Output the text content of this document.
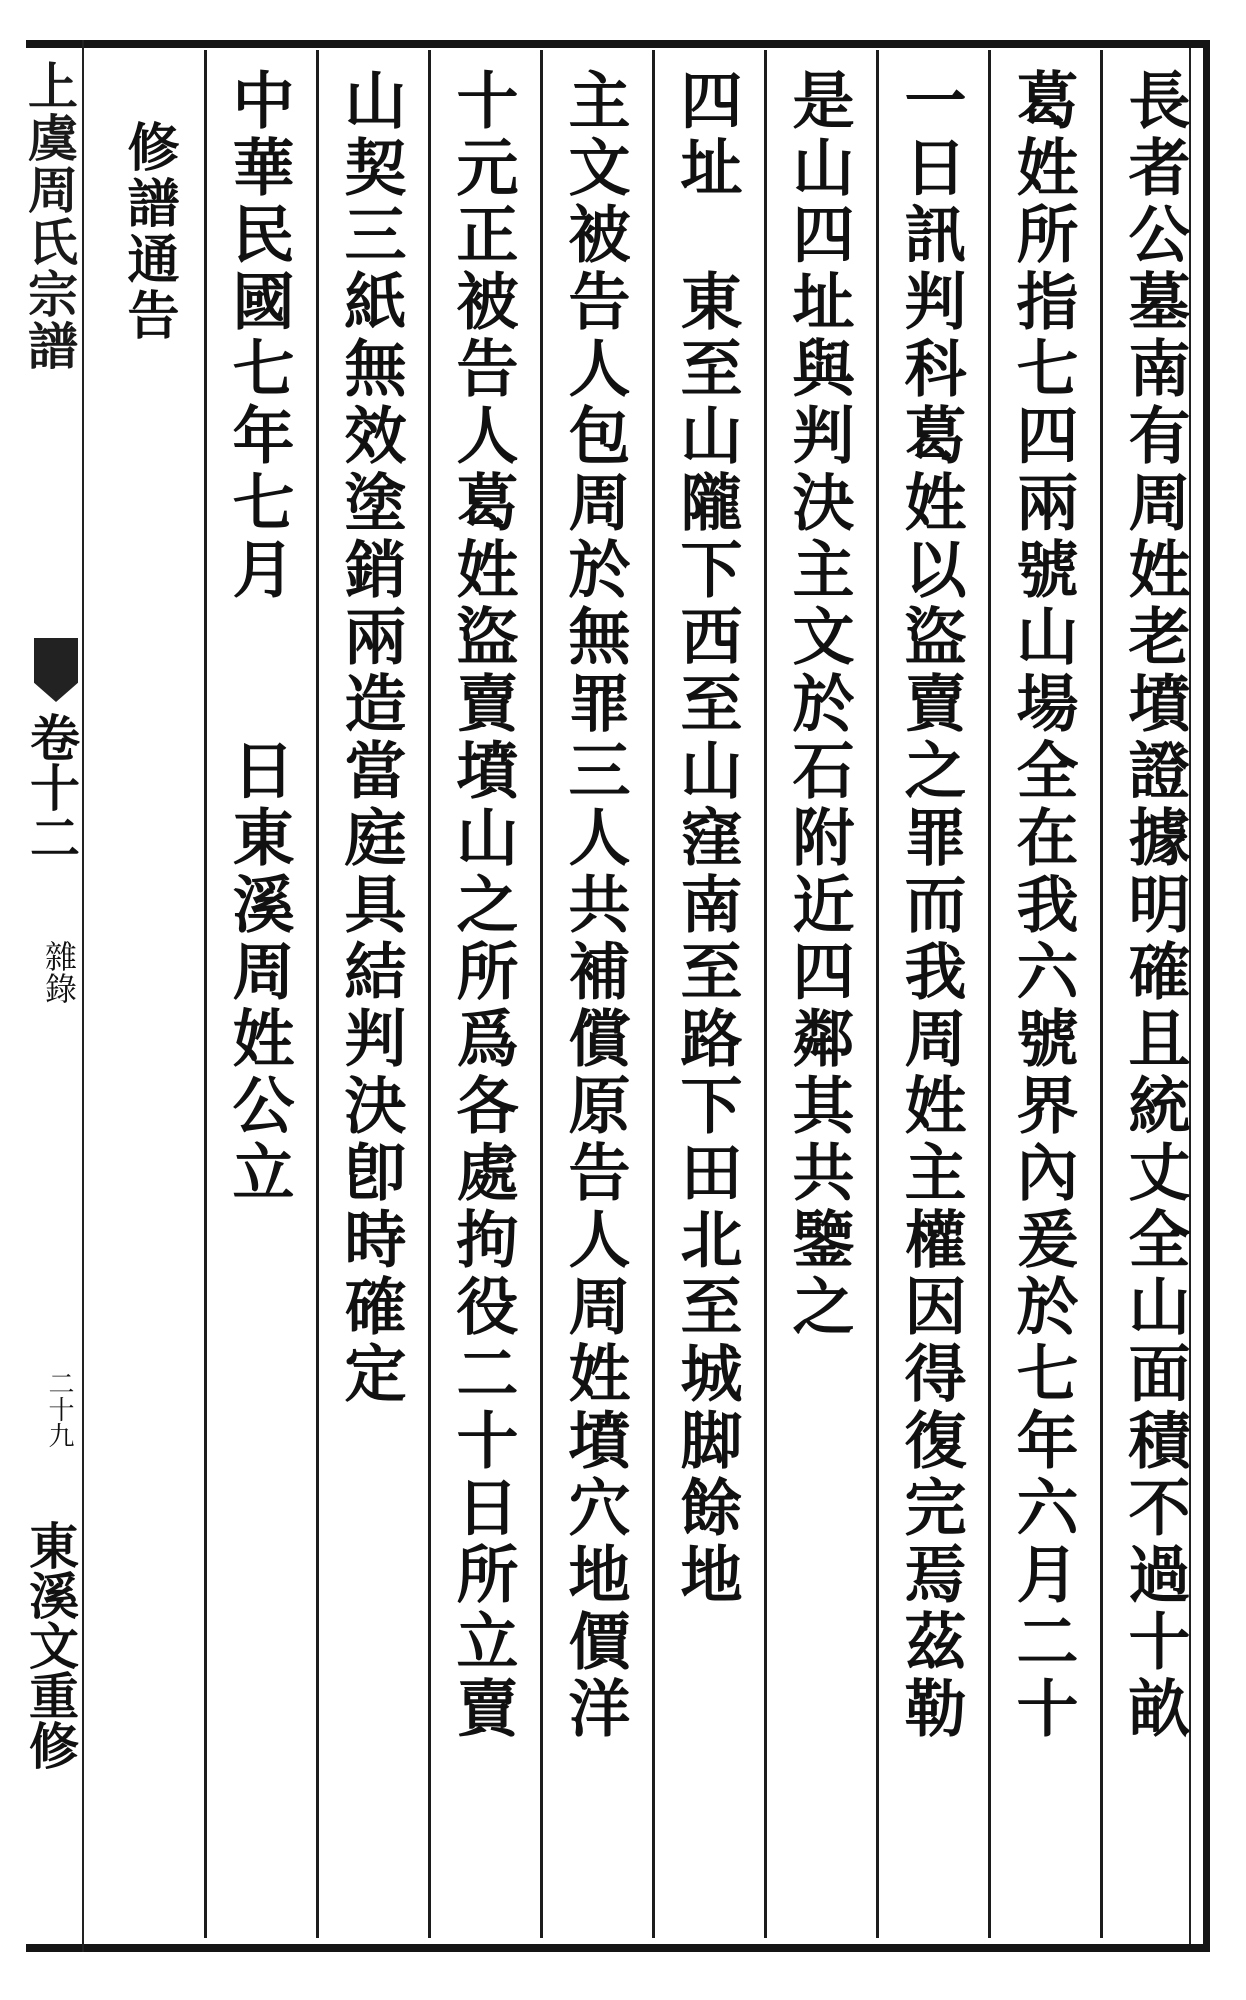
上虞周氏宗譜
卷十二
雜錄
二十九
東溪文重修	長者公墓南有周姓老墳證據明確且統丈全山面積不過十畝
葛姓所指七四兩號山場全在我六號界內爰於七年六月二十
一日訊判科葛姓以盜賣之罪而我周姓主權因得復完焉茲勒
是山四址與判決主文於石附近四鄰其共鑒之
四址　東至山隴下西至山窪南至路下田北至城脚餘地
主文被告人包周於無罪三人共補償原告人周姓墳穴地價洋
十元正被告人葛姓盜賣墳山之所爲各處拘役二十日所立賣
山契三紙無效塗銷兩造當庭具結判決卽時確定
中華民國七年七月　　日東溪周姓公立
修譜通告
